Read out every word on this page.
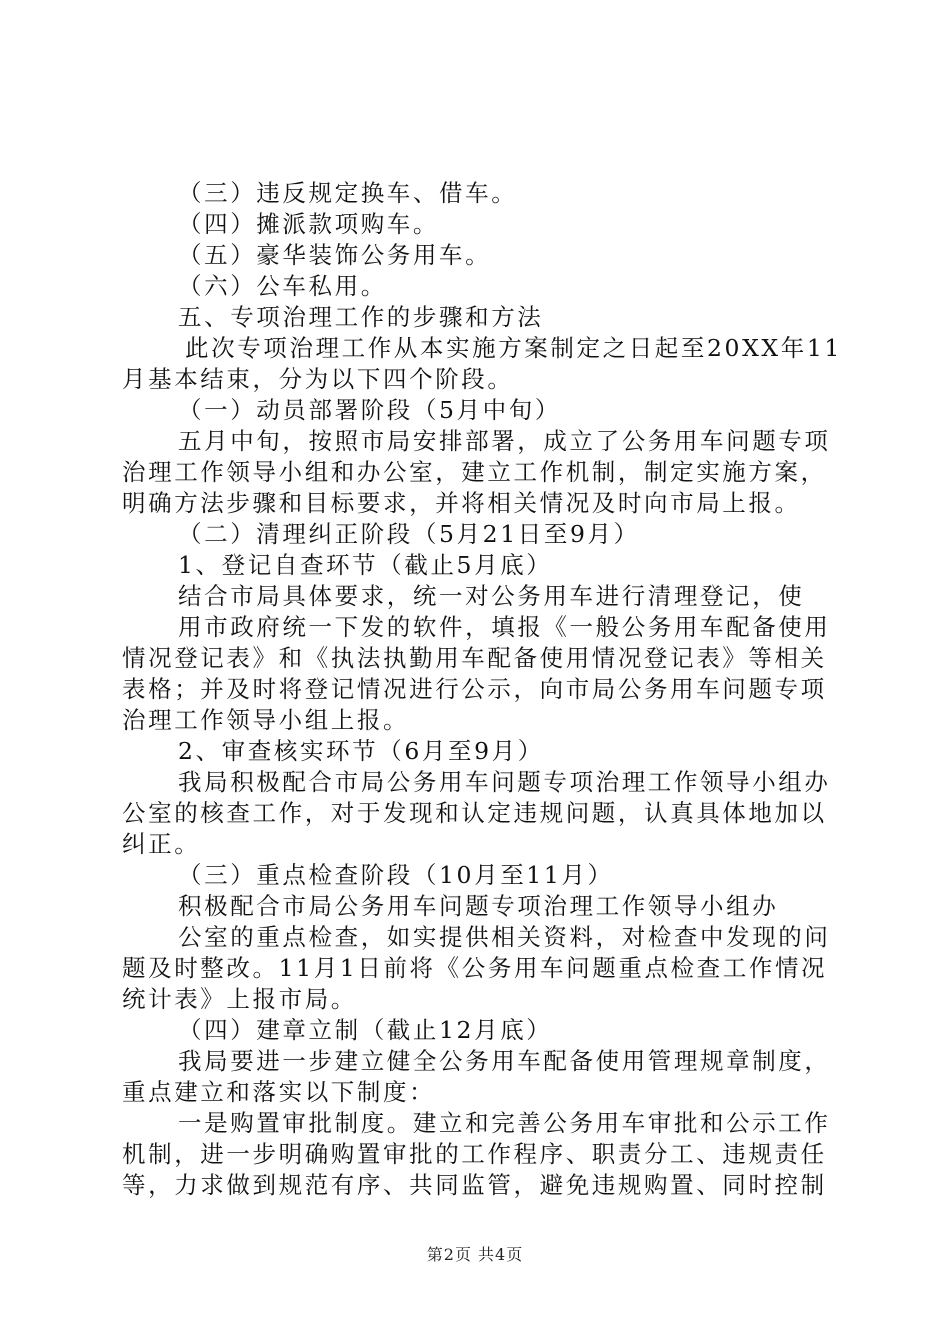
（三）违反规定换车、借车。
（四）摊派款项购车。
（五）豪华装饰公务用车。
（六）公车私用。
五、专项治理工作的步骤和方法
此次专项治理工作从本实施方案制定之日起至20XX年11
月基本结束，分为以下四个阶段。
（一）动员部署阶段（5月中旬）
五月中旬，按照市局安排部署，成立了公务用车问题专项
治理工作领导小组和办公室，建立工作机制，制定实施方案，
明确方法步骤和目标要求，并将相关情况及时向市局上报。
（二）清理纠正阶段（5月21日至9月）
1、登记自查环节（截止5月底）
结合市局具体要求，统一对公务用车进行清理登记，使
用市政府统一下发的软件，填报《一般公务用车配备使用
情况登记表》和《执法执勤用车配备使用情况登记表》等相关
表格；并及时将登记情况进行公示，向市局公务用车问题专项
治理工作领导小组上报。
2、审查核实环节（6月至9月）
我局积极配合市局公务用车问题专项治理工作领导小组办
公室的核查工作，对于发现和认定违规问题，认真具体地加以
纠正。
（三）重点检查阶段（10月至11月）
积极配合市局公务用车问题专项治理工作领导小组办
公室的重点检查，如实提供相关资料，对检查中发现的问
题及时整改。11月1日前将《公务用车问题重点检查工作情况
统计表》上报市局。
（四）建章立制（截止12月底）
我局要进一步建立健全公务用车配备使用管理规章制度，
重点建立和落实以下制度：
一是购置审批制度。建立和完善公务用车审批和公示工作
机制，进一步明确购置审批的工作程序、职责分工、违规责任
等，力求做到规范有序、共同监管，避免违规购置、同时控制
第2页 共4页
